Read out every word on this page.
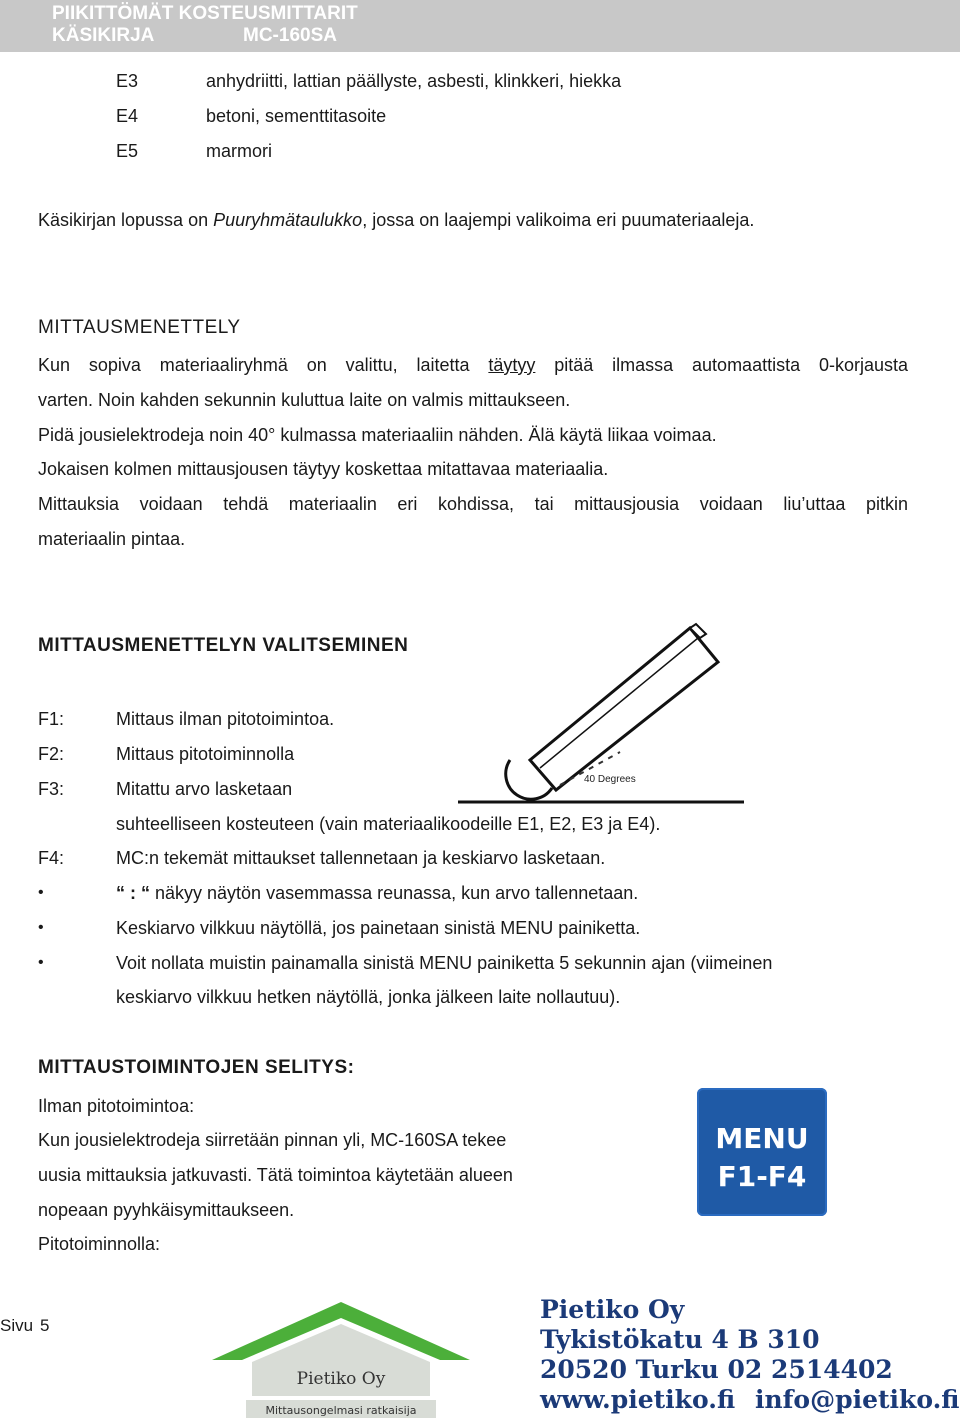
PIIKITTÖMÄT KOSTEUSMITTARIT
KÄSIKIRJA	MC-160SA
E3	anhydriitti, lattian päällyste, asbesti, klinkkeri, hiekka
E4	betoni, sementtitasoite
E5	marmori
Käsikirjan lopussa on Puuryhmätaulukko, jossa on laajempi valikoima eri puumateriaaleja.
MITTAUSMENETTELY
Kun sopiva materiaaliryhmä on valittu, laitetta täytyy pitää ilmassa automaattista 0-korjausta
varten. Noin kahden sekunnin kuluttua laite on valmis mittaukseen.
Pidä jousielektrodeja noin 40° kulmassa materiaaliin nähden. Älä käytä liikaa voimaa.
Jokaisen kolmen mittausjousen täytyy koskettaa mitattavaa materiaalia.
Mittauksia voidaan tehdä materiaalin eri kohdissa, tai mittausjousia voidaan liu’uttaa pitkin
materiaalin pintaa.
MITTAUSMENETTELYN VALITSEMINEN
40 Degrees
F1:	Mittaus ilman pitotoimintoa.
F2:	Mittaus pitotoiminnolla
F3:	Mitattu arvo lasketaan
suhteelliseen kosteuteen (vain materiaalikoodeille E1, E2, E3 ja E4).
F4:	MC:n tekemät mittaukset tallennetaan ja keskiarvo lasketaan.
•	“ : “ näkyy näytön vasemmassa reunassa, kun arvo tallennetaan.
•	Keskiarvo vilkkuu näytöllä, jos painetaan sinistä MENU painiketta.
•	Voit nollata muistin painamalla sinistä MENU painiketta 5 sekunnin ajan (viimeinen
keskiarvo vilkkuu hetken näytöllä, jonka jälkeen laite nollautuu).
MITTAUSTOIMINTOJEN SELITYS:
Ilman pitotoimintoa:
Kun jousielektrodeja siirretään pinnan yli, MC-160SA tekee
uusia mittauksia jatkuvasti. Tätä toimintoa käytetään alueen
nopeaan pyyhkäisymittaukseen.
Pitotoiminnolla:
MENU
F1-F4
Sivu 5
Pietiko Oy
Mittausongelmasi ratkaisija
Pietiko Oy
Tykistökatu 4 B 310
20520 Turku 02 2514402
www.pietiko.fi info@pietiko.fi
